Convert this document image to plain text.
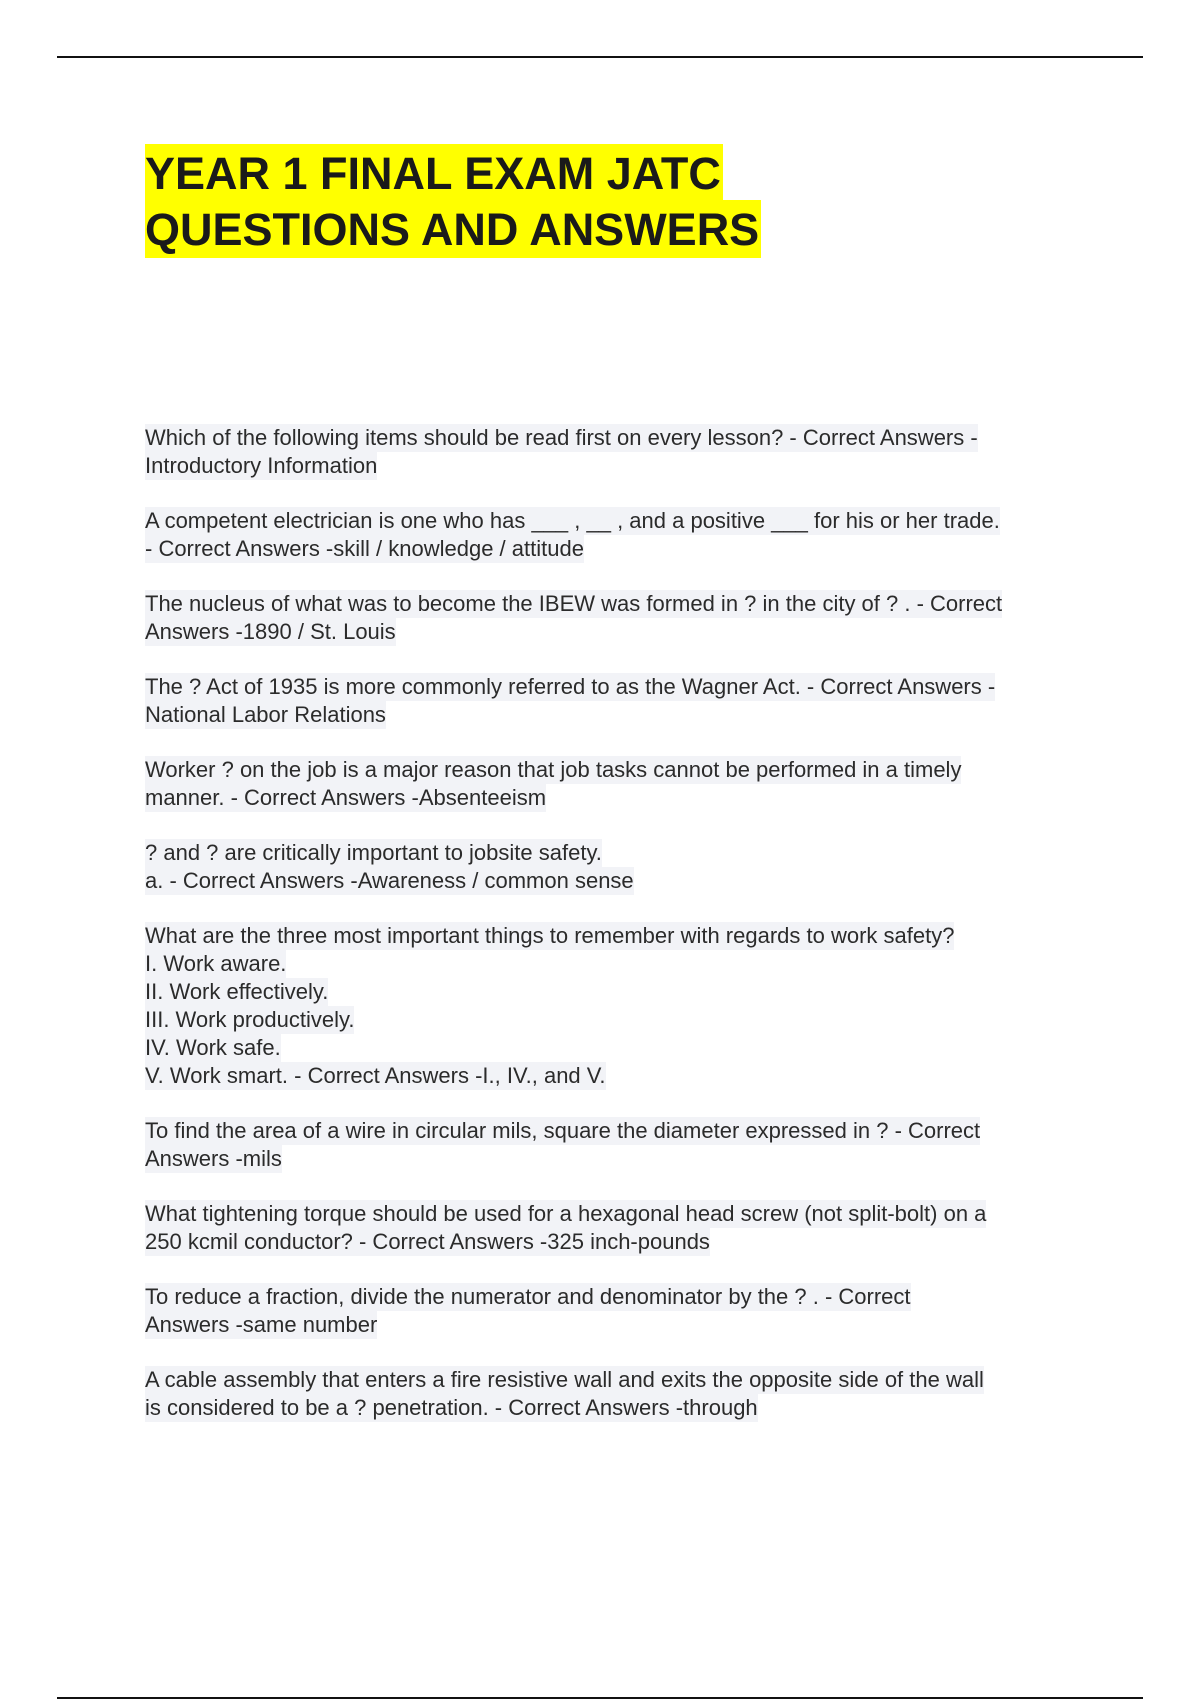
YEAR 1 FINAL EXAM JATC
QUESTIONS AND ANSWERS
Which of the following items should be read first on every lesson? - Correct Answers -
Introductory Information
A competent electrician is one who has ___ , __ , and a positive ___ for his or her trade.
- Correct Answers -skill / knowledge / attitude
The nucleus of what was to become the IBEW was formed in ? in the city of ? . - Correct
Answers -1890 / St. Louis
The ? Act of 1935 is more commonly referred to as the Wagner Act. - Correct Answers -
National Labor Relations
Worker ? on the job is a major reason that job tasks cannot be performed in a timely
manner. - Correct Answers -Absenteeism
? and ? are critically important to jobsite safety.
a. - Correct Answers -Awareness / common sense
What are the three most important things to remember with regards to work safety?
I. Work aware.
II. Work effectively.
III. Work productively.
IV. Work safe.
V. Work smart. - Correct Answers -I., IV., and V.
To find the area of a wire in circular mils, square the diameter expressed in ? - Correct
Answers -mils
What tightening torque should be used for a hexagonal head screw (not split-bolt) on a
250 kcmil conductor? - Correct Answers -325 inch-pounds
To reduce a fraction, divide the numerator and denominator by the ? . - Correct
Answers -same number
A cable assembly that enters a fire resistive wall and exits the opposite side of the wall
is considered to be a ? penetration. - Correct Answers -through
